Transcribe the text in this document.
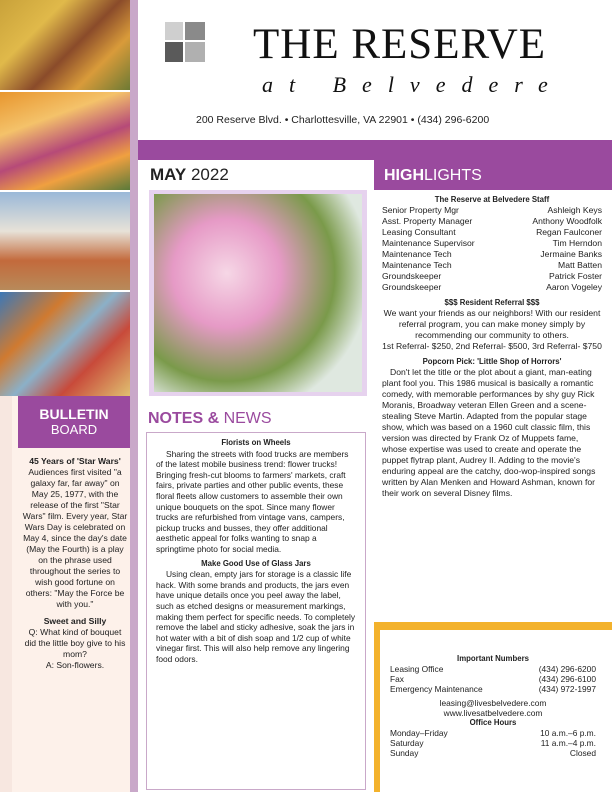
BULLETIN
BOARD
45 Years of 'Star Wars'
Audiences first visited "a galaxy far, far away" on May 25, 1977, with the release of the first "Star Wars" film. Every year, Star Wars Day is celebrated on May 4, since the day's date (May the Fourth) is a play on the phrase used throughout the series to wish good fortune on others: "May the Force be with you."
Sweet and Silly
Q: What kind of bouquet did the little boy give to his mom?
A: Son-flowers.
THE RESERVE
at Belvedere
200 Reserve Blvd. • Charlottesville, VA 22901 • (434) 296-6200
HIGHLIGHTS
MAY 2022
NOTES & NEWS
Florists on Wheels

Sharing the streets with food trucks are members of the latest mobile business trend: flower trucks! Bringing fresh-cut blooms to farmers' markets, craft fairs, private parties and other public events, these floral fleets allow customers to assemble their own unique bouquets on the spot. Since many flower trucks are refurbished from vintage vans, campers, pickup trucks and busses, they offer additional aesthetic appeal for folks wanting to snap a springtime photo for social media.

Make Good Use of Glass Jars

Using clean, empty jars for storage is a classic life hack. With some brands and products, the jars even have unique details once you peel away the label, such as etched designs or measurement markings, making them perfect for specific needs. To completely remove the label and sticky adhesive, soak the jars in hot water with a bit of dish soap and 1/2 cup of white vinegar first. This will also help remove any lingering food odors.

The Reserve at Belvedere Staff
Senior Property Mgr	Ashleigh Keys
Asst. Property Manager	Anthony Woodfolk
Leasing Consultant	Regan Faulconer
Maintenance Supervisor	Tim Herndon
Maintenance Tech	Jermaine Banks
Maintenance Tech	Matt Batten
Groundskeeper	Patrick Foster
Groundskeeper	Aaron Vogeley
$$$ Resident Referral $$$
We want your friends as our neighbors! With our resident referral program, you can make money simply by recommending our community to others.
1st Referral- $250, 2nd Referral- $500, 3rd Referral- $750
Popcorn Pick: 'Little Shop of Horrors'

Don't let the title or the plot about a giant, man-eating plant fool you. This 1986 musical is basically a romantic comedy, with memorable performances by shy guy Rick Moranis, Broadway veteran Ellen Green and a scene-stealing Steve Martin. Adapted from the popular stage show, which was based on a 1960 cult classic film, this version was directed by Frank Oz of Muppets fame, whose expertise was used to create and operate the puppet flytrap plant, Audrey II. Adding to the movie's enduring appeal are the catchy, doo-wop-inspired songs written by Alan Menken and Howard Ashman, known for their work on several Disney films.

Important Numbers
Leasing Office	(434) 296-6200
Fax	(434) 296-6100
Emergency Maintenance	(434) 972-1997
leasing@livesbelvedere.com
www.livesatbelvedere.com
Office Hours
Monday–Friday	10 a.m.–6 p.m.
Saturday	11 a.m.–4 p.m.
Sunday	Closed
